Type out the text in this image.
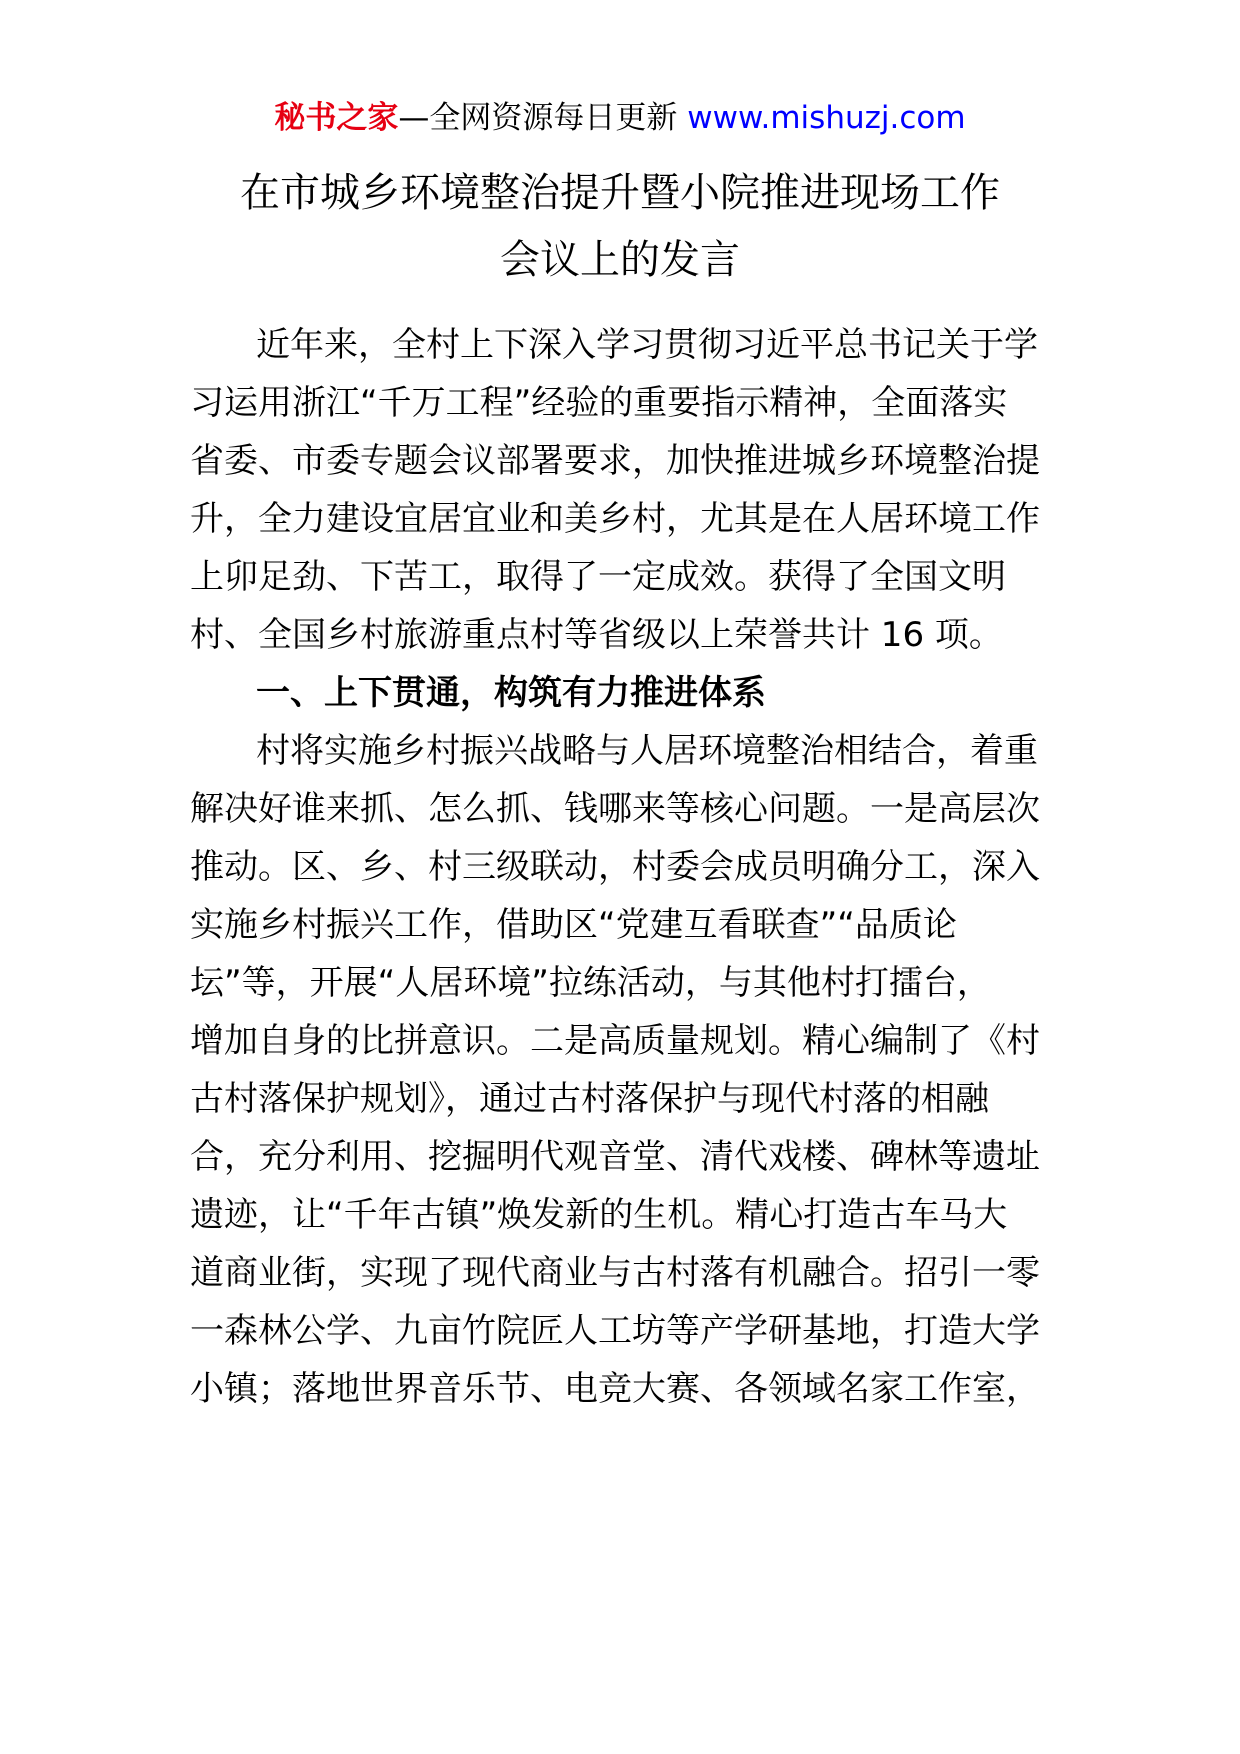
秘书之家—全网资源每日更新 www.mishuzj.com
在市城乡环境整治提升暨小院推进现场工作
会议上的发言
近年来，全村上下深入学习贯彻习近平总书记关于学
习运用浙江“千万工程”经验的重要指示精神，全面落实
省委、市委专题会议部署要求，加快推进城乡环境整治提
升，全力建设宜居宜业和美乡村，尤其是在人居环境工作
上卯足劲、下苦工，取得了一定成效。获得了全国文明
村、全国乡村旅游重点村等省级以上荣誉共计 16 项。
一、上下贯通，构筑有力推进体系
村将实施乡村振兴战略与人居环境整治相结合，着重
解决好谁来抓、怎么抓、钱哪来等核心问题。一是高层次
推动。区、乡、村三级联动，村委会成员明确分工，深入
实施乡村振兴工作，借助区“党建互看联查”“品质论
坛”等，开展“人居环境”拉练活动，与其他村打擂台，
增加自身的比拼意识。二是高质量规划。精心编制了《村
古村落保护规划》，通过古村落保护与现代村落的相融
合，充分利用、挖掘明代观音堂、清代戏楼、碑林等遗址
遗迹，让“千年古镇”焕发新的生机。精心打造古车马大
道商业街，实现了现代商业与古村落有机融合。招引一零
一森林公学、九亩竹院匠人工坊等产学研基地，打造大学
小镇；落地世界音乐节、电竞大赛、各领域名家工作室，
